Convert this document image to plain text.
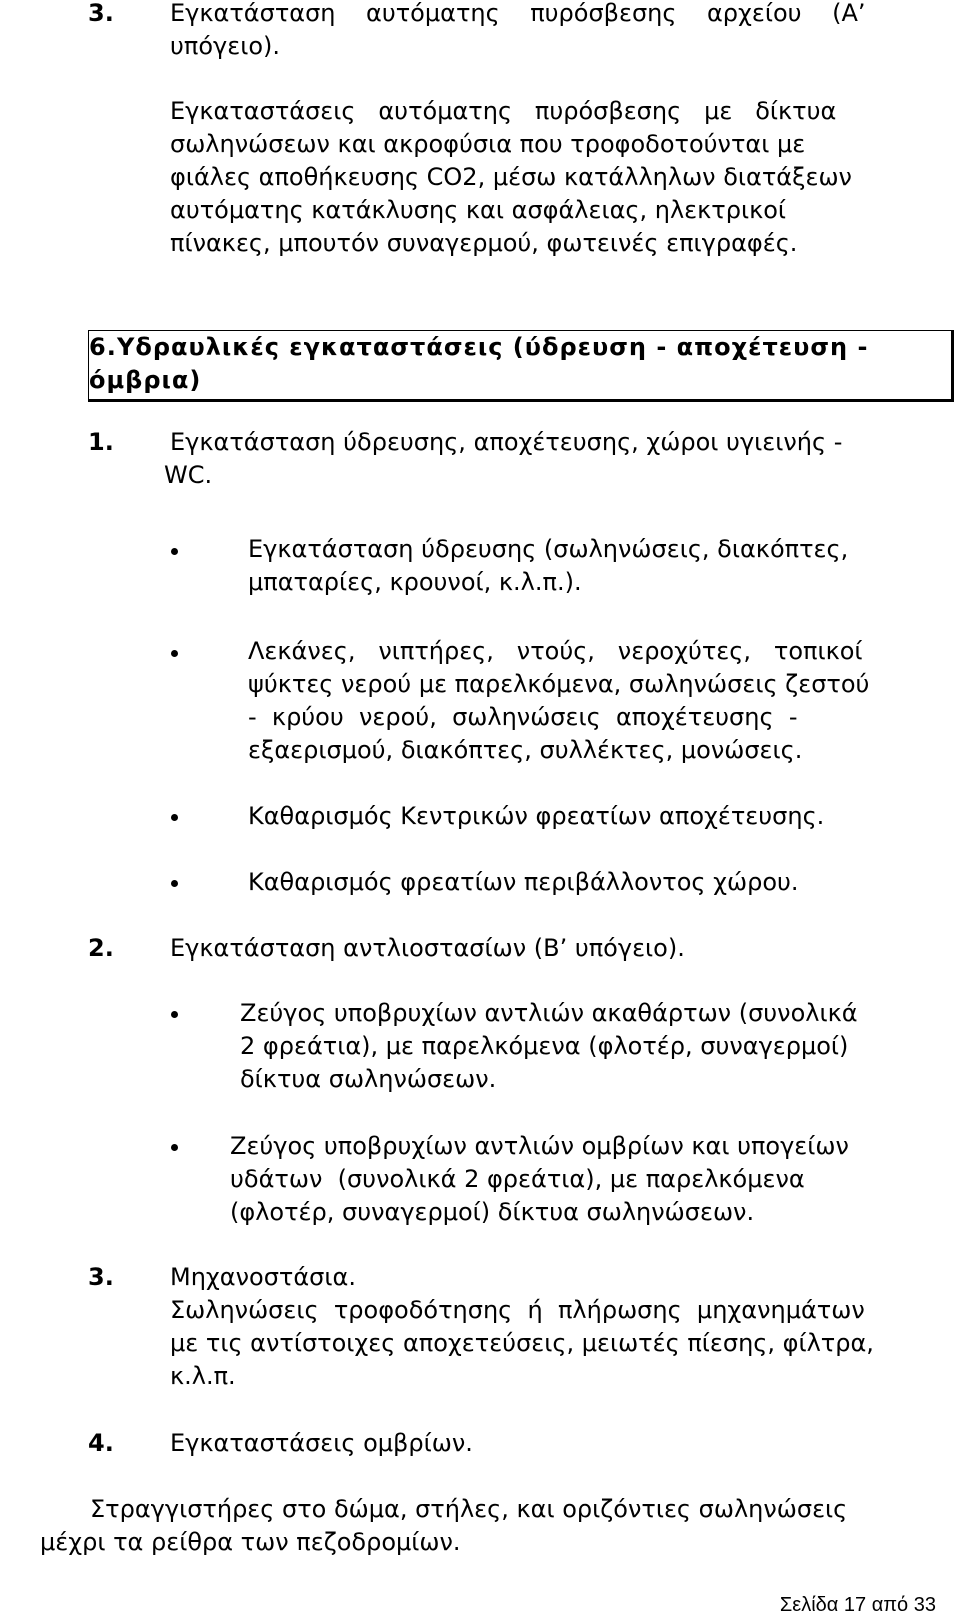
3. Εγκατάσταση    αυτόματης    πυρόσβεσης    αρχείου    (Α’
υπόγειο).
Εγκαταστάσεις   αυτόματης   πυρόσβεσης   με   δίκτυα
σωληνώσεων και ακροφύσια που τροφοδοτούνται με
φιάλες αποθήκευσης CO2, μέσω κατάλληλων διατάξεων
αυτόματης κατάκλυσης και ασφάλειας, ηλεκτρικοί
πίνακες, μπουτόν συναγερμού, φωτεινές επιγραφές.
6. Υδραυλικές εγκαταστάσεις (ύδρευση - αποχέτευση -
όμβρια)
1. Εγκατάσταση ύδρευσης, αποχέτευσης, χώροι υγιεινής -
WC.
Εγκατάσταση ύδρευσης (σωληνώσεις, διακόπτες,
μπαταρίες, κρουνοί, κ.λ.π.).
Λεκάνες,   νιπτήρες,   ντούς,   νεροχύτες,   τοπικοί
ψύκτες νερού με παρελκόμενα, σωληνώσεις ζεστού
-  κρύου  νερού,  σωληνώσεις  αποχέτευσης  -
εξαερισμού, διακόπτες, συλλέκτες, μονώσεις.
Καθαρισμός Κεντρικών φρεατίων αποχέτευσης.
Καθαρισμός φρεατίων περιβάλλοντος χώρου.
2. Εγκατάσταση αντλιοστασίων (Β’ υπόγειο).
Ζεύγος υποβρυχίων αντλιών ακαθάρτων (συνολικά
2 φρεάτια), με παρελκόμενα (φλοτέρ, συναγερμοί)
δίκτυα σωληνώσεων.
Ζεύγος υποβρυχίων αντλιών ομβρίων και υπογείων
υδάτων  (συνολικά 2 φρεάτια), με παρελκόμενα
(φλοτέρ, συναγερμοί) δίκτυα σωληνώσεων.
3. Μηχανοστάσια.
Σωληνώσεις  τροφοδότησης  ή  πλήρωσης  μηχανημάτων
με τις αντίστοιχες αποχετεύσεις, μειωτές πίεσης, φίλτρα,
κ.λ.π.
4. Εγκαταστάσεις ομβρίων.
Στραγγιστήρες στο δώμα, στήλες, και οριζόντιες σωληνώσεις
μέχρι τα ρείθρα των πεζοδρομίων.
Σελίδα 17 από 33
